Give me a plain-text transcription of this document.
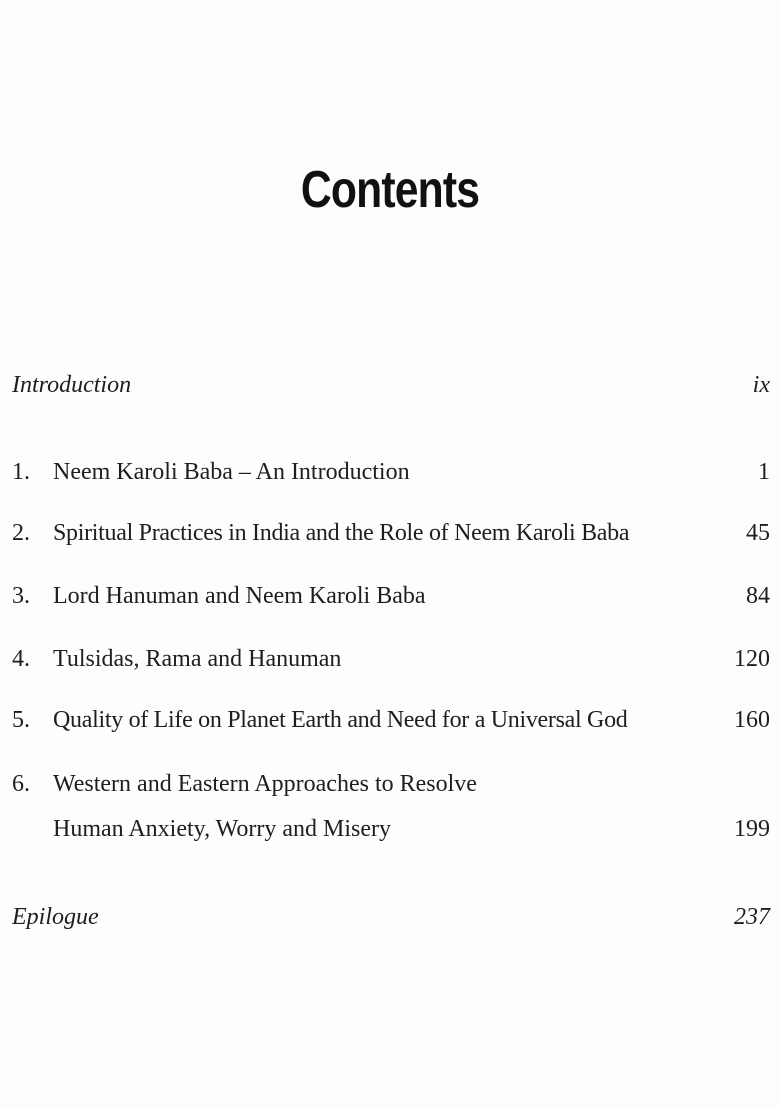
Contents
Introduction	ix
1. Neem Karoli Baba – An Introduction	1
2. Spiritual Practices in India and the Role of Neem Karoli Baba	45
3. Lord Hanuman and Neem Karoli Baba	84
4. Tulsidas, Rama and Hanuman	120
5. Quality of Life on Planet Earth and Need for a Universal God	160
6. Western and Eastern Approaches to Resolve
Human Anxiety, Worry and Misery	199
Epilogue	237
